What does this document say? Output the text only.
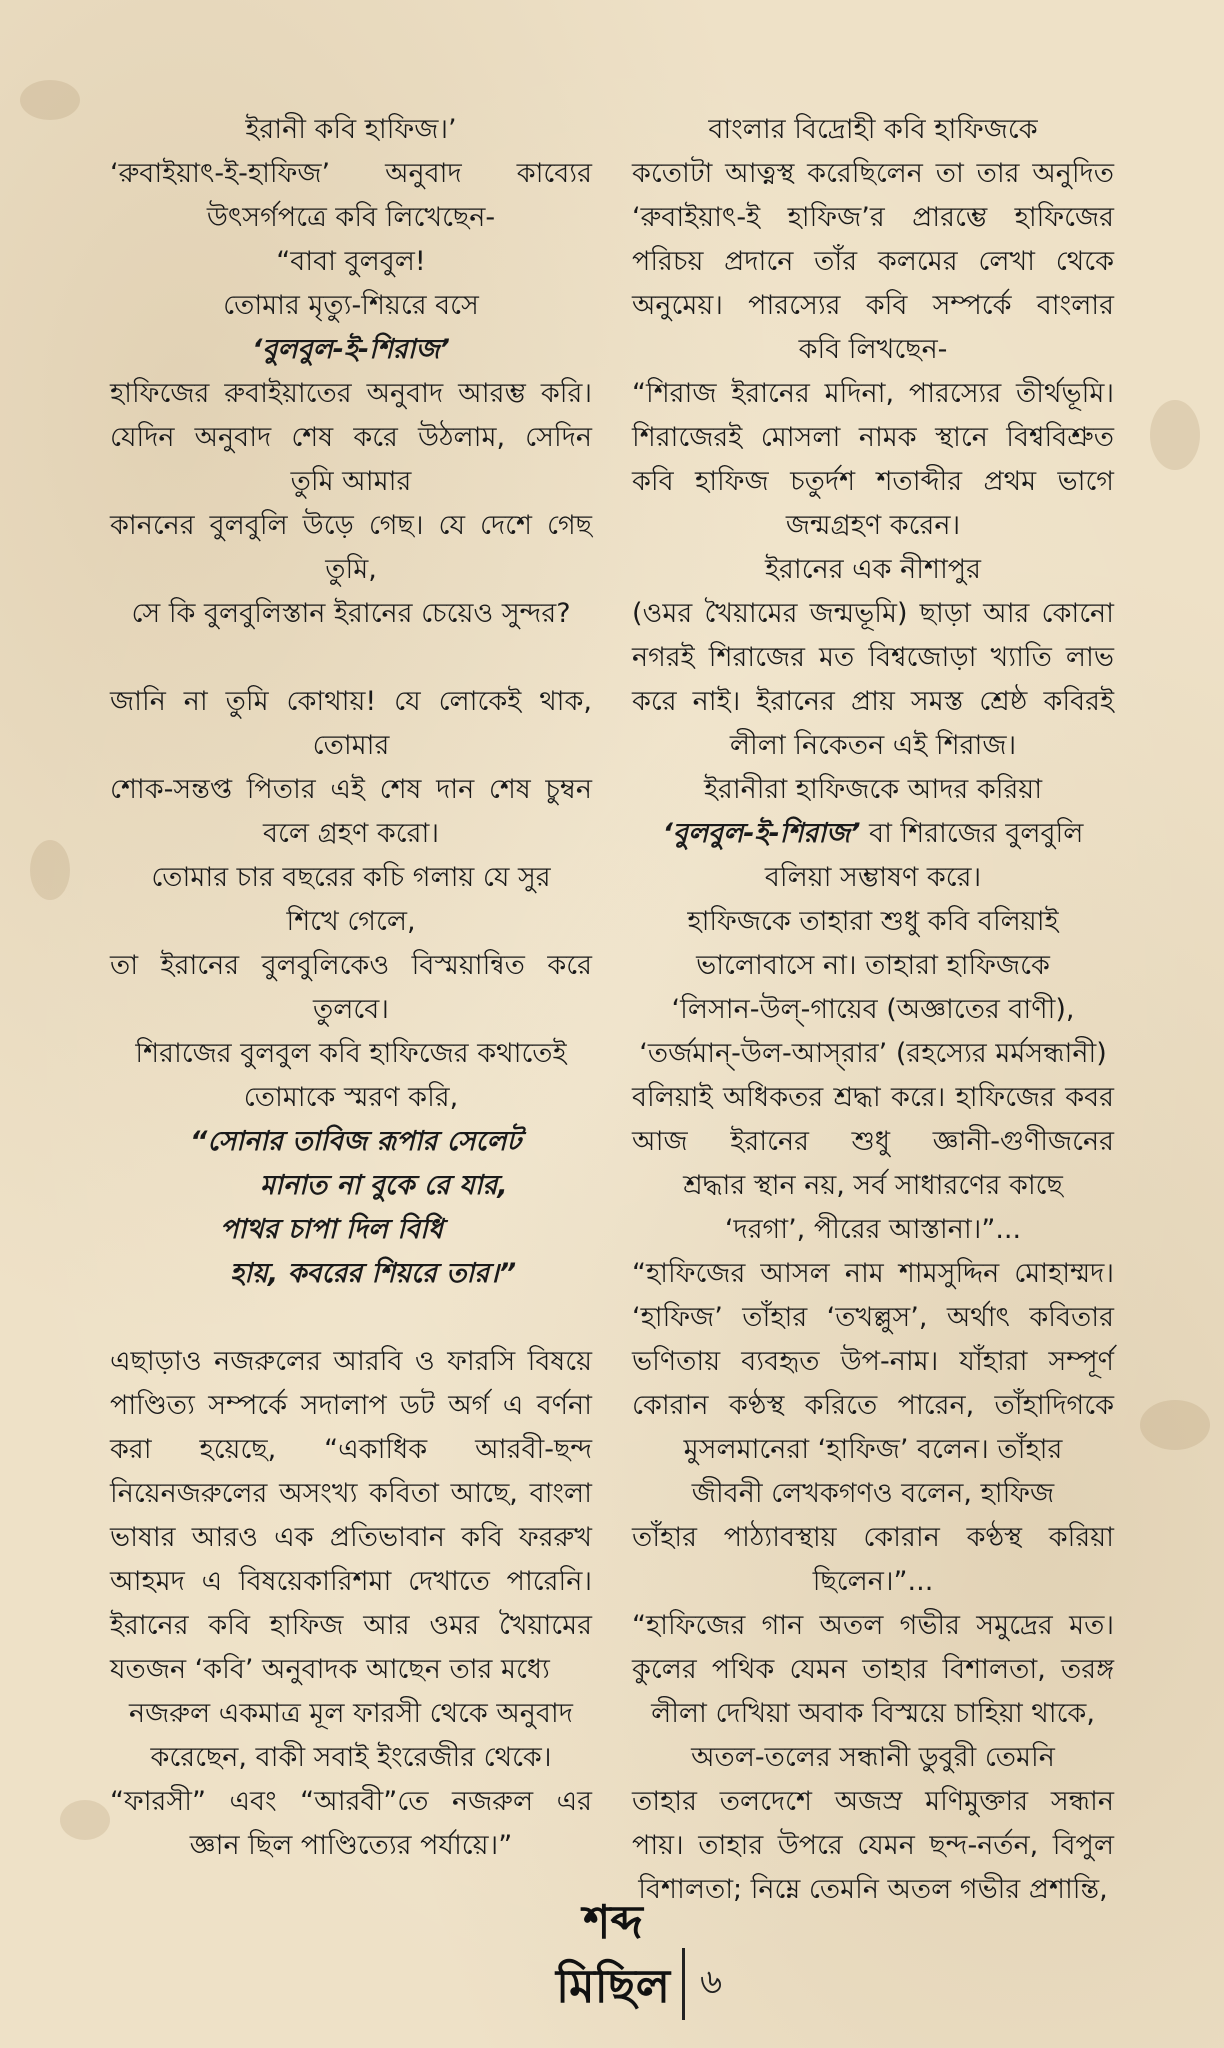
ইরানী কবি হাফিজ।’

‘রুবাইয়াৎ-ই-হাফিজ’ অনুবাদ কাব্যের

উৎসর্গপত্রে কবি লিখেছেন-

“বাবা বুলবুল!

তোমার মৃত্যু-শিয়রে বসে

‘বুলবুল-ই-শিরাজ’

হাফিজের রুবাইয়াতের অনুবাদ আরম্ভ করি।

যেদিন অনুবাদ শেষ করে উঠলাম, সেদিন

তুমি আমার

কাননের বুলবুলি উড়ে গেছ। যে দেশে গেছ

তুমি,

সে কি বুলবুলিস্তান ইরানের চেয়েও সুন্দর?

জানি না তুমি কোথায়! যে লোকেই থাক,

তোমার

শোক-সন্তপ্ত পিতার এই শেষ দান শেষ চুম্বন

বলে গ্রহণ করো।

তোমার চার বছরের কচি গলায় যে সুর

শিখে গেলে,

তা ইরানের বুলবুলিকেও বিস্ময়ান্বিত করে

তুলবে।

শিরাজের বুলবুল কবি হাফিজের কথাতেই

তোমাকে স্মরণ করি,

“সোনার তাবিজ রূপার সেলেট

মানাত না বুকে রে যার,

পাথর চাপা দিল বিধি

হায়, কবরের শিয়রে তার।”

এছাড়াও নজরুলের আরবি ও ফারসি বিষয়ে পাণ্ডিত্য সম্পর্কে সদালাপ ডট অর্গ এ বর্ণনা করা হয়েছে, “একাধিক আরবী-ছন্দ নিয়েনজরুলের অসংখ্য কবিতা আছে, বাংলা ভাষার আরও এক প্রতিভাবান কবি ফররুখ আহমদ এ বিষয়েকারিশমা দেখাতে পারেনি। ইরানের কবি হাফিজ আর ওমর খৈয়ামের যতজন ‘কবি’ অনুবাদক আছেন তার মধ্যে

নজরুল একমাত্র মূল ফারসী থেকে অনুবাদ

করেছেন, বাকী সবাই ইংরেজীর থেকে।

“ফারসী” এবং “আরবী”তে নজরুল এর

জ্ঞান ছিল পাণ্ডিত্যের পর্যায়ে।”

বাংলার বিদ্রোহী কবি হাফিজকে

কতোটা আত্নস্থ করেছিলেন তা তার অনুদিত ‘রুবাইয়াৎ-ই হাফিজ’র প্রারম্ভে হাফিজের পরিচয় প্রদানে তাঁর কলমের লেখা থেকে অনুমেয়। পারস্যের কবি সম্পর্কে বাংলার

কবি লিখছেন-

“শিরাজ ইরানের মদিনা, পারস্যের তীর্থভূমি। শিরাজেরই মোসলা নামক স্থানে বিশ্ববিশ্রুত কবি হাফিজ চতুর্দশ শতাব্দীর প্রথম ভাগে

জন্মগ্রহণ করেন।

ইরানের এক নীশাপুর

(ওমর খৈয়ামের জন্মভূমি) ছাড়া আর কোনো নগরই শিরাজের মত বিশ্বজোড়া খ্যাতি লাভ

করে নাই। ইরানের প্রায় সমস্ত শ্রেষ্ঠ কবিরই

লীলা নিকেতন এই শিরাজ।

ইরানীরা হাফিজকে আদর করিয়া

‘বুলবুল-ই-শিরাজ’ বা শিরাজের বুলবুলি

বলিয়া সম্ভাষণ করে।

হাফিজকে তাহারা শুধু কবি বলিয়াই

ভালোবাসে না। তাহারা হাফিজকে

‘লিসান-উল্‌-গায়েব (অজ্ঞাতের বাণী),

‘তর্জমান্‌-উল-আস্‌রার’ (রহস্যের মর্মসন্ধানী)

বলিয়াই অধিকতর শ্রদ্ধা করে। হাফিজের কবর আজ ইরানের শুধু জ্ঞানী-গুণীজনের

শ্রদ্ধার স্থান নয়, সর্ব সাধারণের কাছে

‘দরগা’, পীরের আস্তানা।”...

“হাফিজের আসল নাম শামসুদ্দিন মোহাম্মদ। ‘হাফিজ’ তাঁহার ‘তখল্লুস’, অর্থাৎ কবিতার ভণিতায় ব্যবহৃত উপ-নাম। যাঁহারা সম্পূর্ণ কোরান কণ্ঠস্থ করিতে পারেন, তাঁহাদিগকে

মুসলমানেরা ‘হাফিজ’ বলেন। তাঁহার

জীবনী লেখকগণও বলেন, হাফিজ

তাঁহার পাঠ্যাবস্থায় কোরান কণ্ঠস্থ করিয়া

ছিলেন।”...

“হাফিজের গান অতল গভীর সমুদ্রের মত। কুলের পথিক যেমন তাহার বিশালতা, তরঙ্গ

লীলা দেখিয়া অবাক বিস্ময়ে চাহিয়া থাকে,

অতল-তলের সন্ধানী ডুবুরী তেমনি

তাহার তলদেশে অজস্র মণিমুক্তার সন্ধান পায়। তাহার উপরে যেমন ছন্দ-নর্তন, বিপুল

বিশালতা; নিম্নে তেমনি অতল গভীর প্রশান্তি,

শব্দ
মিছিল ৬
